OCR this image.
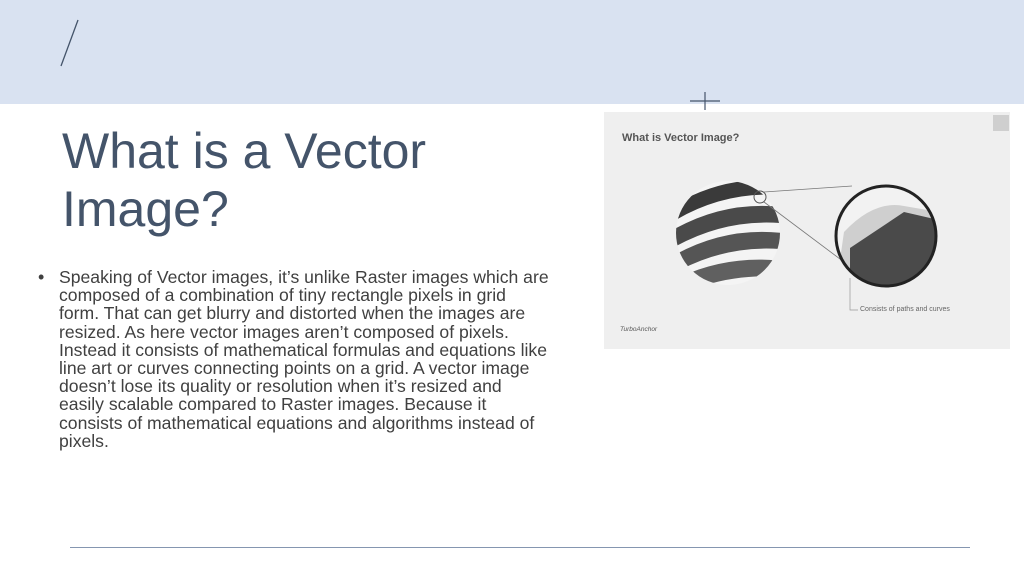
What is a Vector Image?
• Speaking of Vector images, it’s unlike Raster images which are composed of a combination of tiny rectangle pixels in grid form. That can get blurry and distorted when the images are resized. As here vector images aren’t composed of pixels. Instead it consists of mathematical formulas and equations like line art or curves connecting points on a grid. A vector image doesn’t lose its quality or resolution when it’s resized and easily scalable compared to Raster images. Because it consists of mathematical equations and algorithms instead of pixels.
What is Vector Image?
Consists of paths and curves
TurboAnchor
